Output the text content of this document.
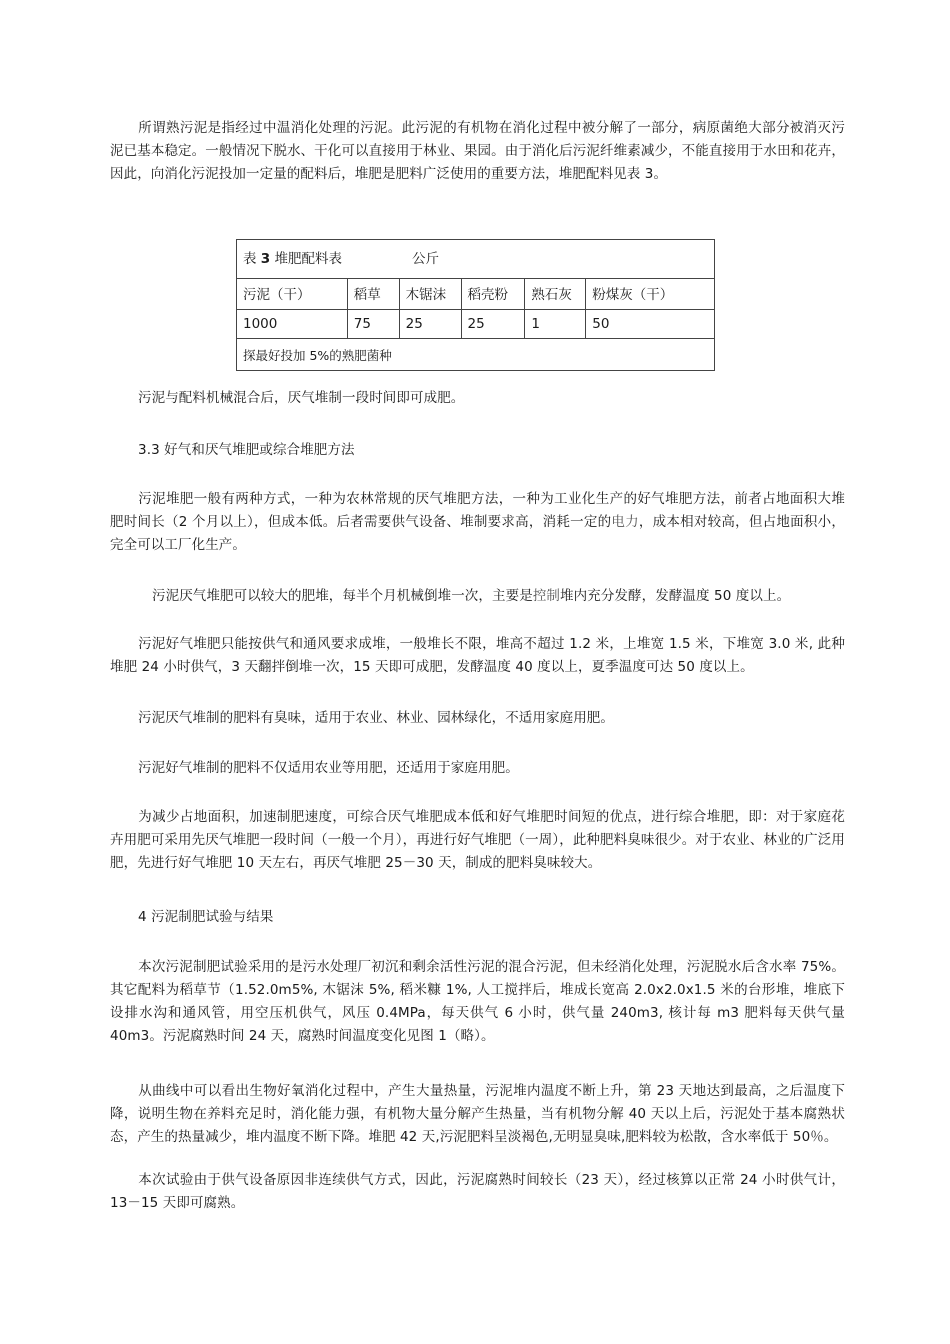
所谓熟污泥是指经过中温消化处理的污泥。此污泥的有机物在消化过程中被分解了一部分，病原菌绝大部分被消灭污泥已基本稳定。一般情况下脱水、干化可以直接用于林业、果园。由于消化后污泥纤维素减少，不能直接用于水田和花卉，因此，向消化污泥投加一定量的配料后，堆肥是肥料广泛使用的重要方法，堆肥配料见表 3。

表 3 堆肥配料表 公斤					
污泥（干）	稻草	木锯沫	稻壳粉	熟石灰	粉煤灰（干）
1000	75	25	25	1	50
探最好投加 5%的熟肥菌种					

污泥与配料机械混合后，厌气堆制一段时间即可成肥。

3.3 好气和厌气堆肥或综合堆肥方法

污泥堆肥一般有两种方式，一种为农林常规的厌气堆肥方法，一种为工业化生产的好气堆肥方法，前者占地面积大堆肥时间长（2 个月以上），但成本低。后者需要供气设备、堆制要求高，消耗一定的电力，成本相对较高，但占地面积小，完全可以工厂化生产。

污泥厌气堆肥可以较大的肥堆，每半个月机械倒堆一次，主要是控制堆内充分发酵，发酵温度 50 度以上。

污泥好气堆肥只能按供气和通风要求成堆，一般堆长不限，堆高不超过 1.2 米，上堆宽 1.5 米，下堆宽 3.0 米, 此种堆肥 24 小时供气，3 天翻拌倒堆一次，15 天即可成肥，发酵温度 40 度以上，夏季温度可达 50 度以上。

污泥厌气堆制的肥料有臭味，适用于农业、林业、园林绿化，不适用家庭用肥。

污泥好气堆制的肥料不仅适用农业等用肥，还适用于家庭用肥。

为减少占地面积，加速制肥速度，可综合厌气堆肥成本低和好气堆肥时间短的优点，进行综合堆肥，即：对于家庭花卉用肥可采用先厌气堆肥一段时间（一般一个月），再进行好气堆肥（一周），此种肥料臭味很少。对于农业、林业的广泛用肥，先进行好气堆肥 10 天左右，再厌气堆肥 25－30 天，制成的肥料臭味较大。

4 污泥制肥试验与结果

本次污泥制肥试验采用的是污水处理厂初沉和剩余活性污泥的混合污泥，但未经消化处理，污泥脱水后含水率 75%。其它配料为稻草节（1.52.0m5%, 木锯沫 5%, 稻米糠 1%, 人工搅拌后，堆成长宽高 2.0x2.0x1.5 米的台形堆，堆底下设排水沟和通风管，用空压机供气，风压 0.4MPa，每天供气 6 小时，供气量 240m3, 核计每 m3 肥料每天供气量 40m3。污泥腐熟时间 24 天，腐熟时间温度变化见图 1（略）。

从曲线中可以看出生物好氧消化过程中，产生大量热量，污泥堆内温度不断上升，第 23 天地达到最高，之后温度下降，说明生物在养料充足时，消化能力强，有机物大量分解产生热量，当有机物分解 40 天以上后，污泥处于基本腐熟状态，产生的热量减少，堆内温度不断下降。堆肥 42 天,污泥肥料呈淡褐色,无明显臭味,肥料较为松散，含水率低于 50％。

本次试验由于供气设备原因非连续供气方式，因此，污泥腐熟时间较长（23 天），经过核算以正常 24 小时供气计，13－15 天即可腐熟。
